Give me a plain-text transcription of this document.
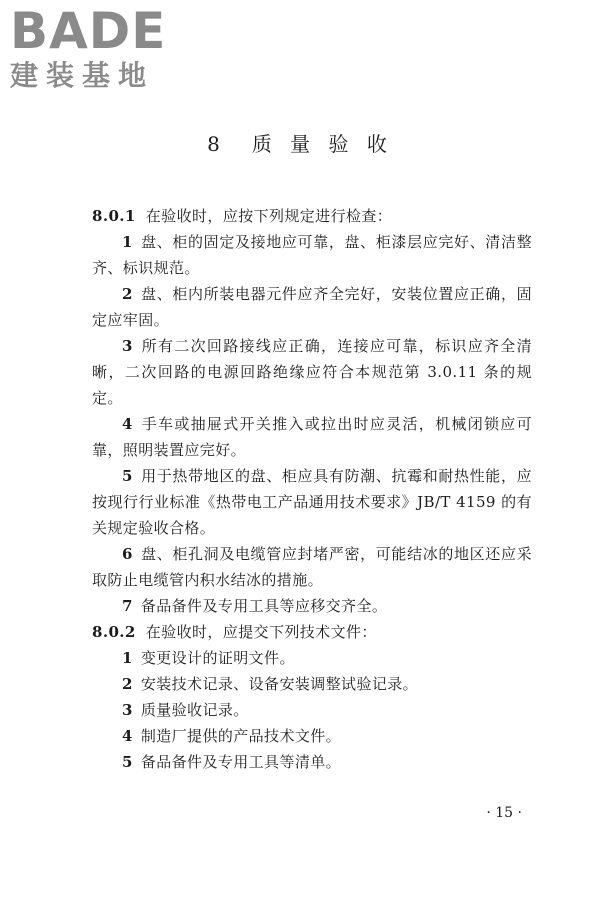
BADE

建装基地

8　质 量 验 收

8.0.1 在验收时，应按下列规定进行检查：

1 盘、柜的固定及接地应可靠，盘、柜漆层应完好、清洁整齐、标识规范。

2 盘、柜内所装电器元件应齐全完好，安装位置应正确，固定应牢固。

3 所有二次回路接线应正确，连接应可靠，标识应齐全清晰，二次回路的电源回路绝缘应符合本规范第 3.0.11 条的规定。

4 手车或抽屉式开关推入或拉出时应灵活，机械闭锁应可靠，照明装置应完好。

5 用于热带地区的盘、柜应具有防潮、抗霉和耐热性能，应按现行行业标准《热带电工产品通用技术要求》JB/T 4159 的有关规定验收合格。

6 盘、柜孔洞及电缆管应封堵严密，可能结冰的地区还应采取防止电缆管内积水结冰的措施。

7 备品备件及专用工具等应移交齐全。

8.0.2 在验收时，应提交下列技术文件：

1 变更设计的证明文件。

2 安装技术记录、设备安装调整试验记录。

3 质量验收记录。

4 制造厂提供的产品技术文件。

5 备品备件及专用工具等清单。

· 15 ·
